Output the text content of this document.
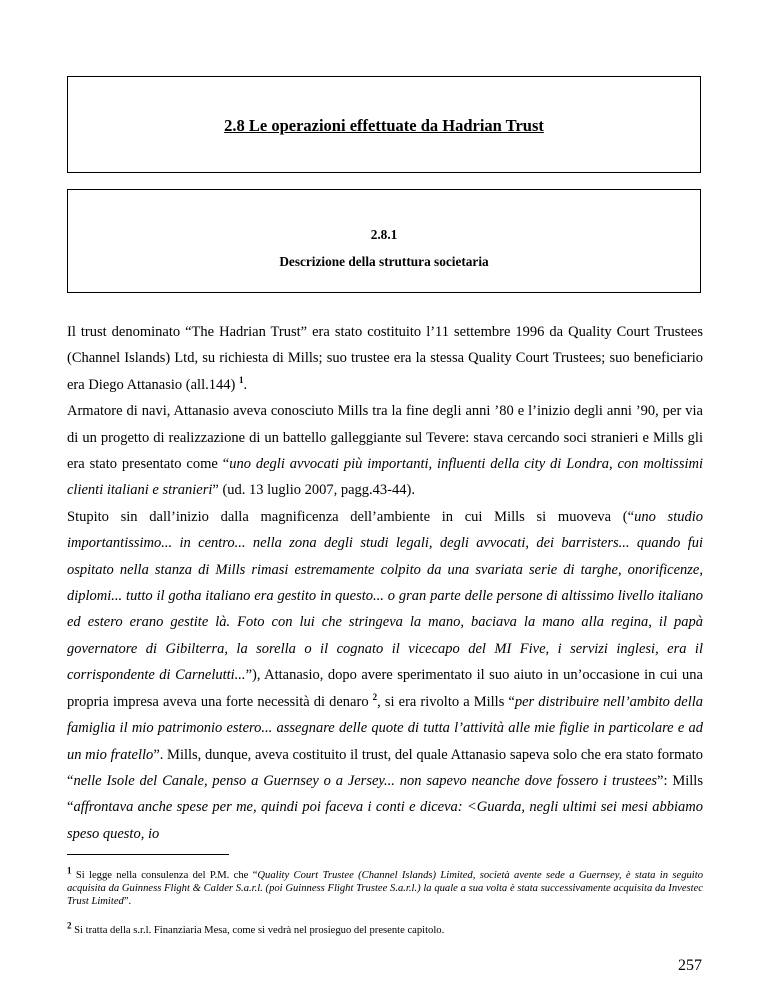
2.8 Le operazioni effettuate da Hadrian Trust
2.8.1
Descrizione della struttura societaria

Il trust denominato “The Hadrian Trust” era stato costituito l’11 settembre 1996 da Quality Court Trustees (Channel Islands) Ltd, su richiesta di Mills; suo trustee era la stessa Quality Court Trustees; suo beneficiario era Diego Attanasio (all.144) $^1$.

Armatore di navi, Attanasio aveva conosciuto Mills tra la fine degli anni ’80 e l’inizio degli anni ’90, per via di un progetto di realizzazione di un battello galleggiante sul Tevere: stava cercando soci stranieri e Mills gli era stato presentato come “uno degli avvocati più importanti, influenti della city di Londra, con moltissimi clienti italiani e stranieri” (ud. 13 luglio 2007, pagg.43-44).

Stupito sin dall’inizio dalla magnificenza dell’ambiente in cui Mills si muoveva (“uno studio importantissimo... in centro... nella zona degli studi legali, degli avvocati, dei barristers... quando fui ospitato nella stanza di Mills rimasi estremamente colpito da una svariata serie di targhe, onorificenze, diplomi... tutto il gotha italiano era gestito in questo... o gran parte delle persone di altissimo livello italiano ed estero erano gestite là. Foto con lui che stringeva la mano, baciava la mano alla regina, il papà governatore di Gibilterra, la sorella o il cognato il vicecapo del MI Five, i servizi inglesi, era il corrispondente di Carnelutti...”), Attanasio, dopo avere sperimentato il suo aiuto in un’occasione in cui una propria impresa aveva una forte necessità di denaro $^2$, si era rivolto a Mills “per distribuire nell’ambito della famiglia il mio patrimonio estero... assegnare delle quote di tutta l’attività alle mie figlie in particolare e ad un mio fratello”. Mills, dunque, aveva costituito il trust, del quale Attanasio sapeva solo che era stato formato “nelle Isole del Canale, penso a Guernsey o a Jersey... non sapevo neanche dove fossero i trustees”: Mills “affrontava anche spese per me, quindi poi faceva i conti e diceva: <Guarda, negli ultimi sei mesi abbiamo speso questo, io

$^1$ Si legge nella consulenza del P.M. che “Quality Court Trustee (Channel Islands) Limited, società avente sede a Guernsey, è stata in seguito acquisita da Guinness Flight & Calder S.a.r.l. (poi Guinness Flight Trustee S.a.r.l.) la quale a sua volta è stata successivamente acquisita da Investec Trust Limited”.
$^2$ Si tratta della s.r.l. Finanziaria Mesa, come si vedrà nel prosieguo del presente capitolo.
257
